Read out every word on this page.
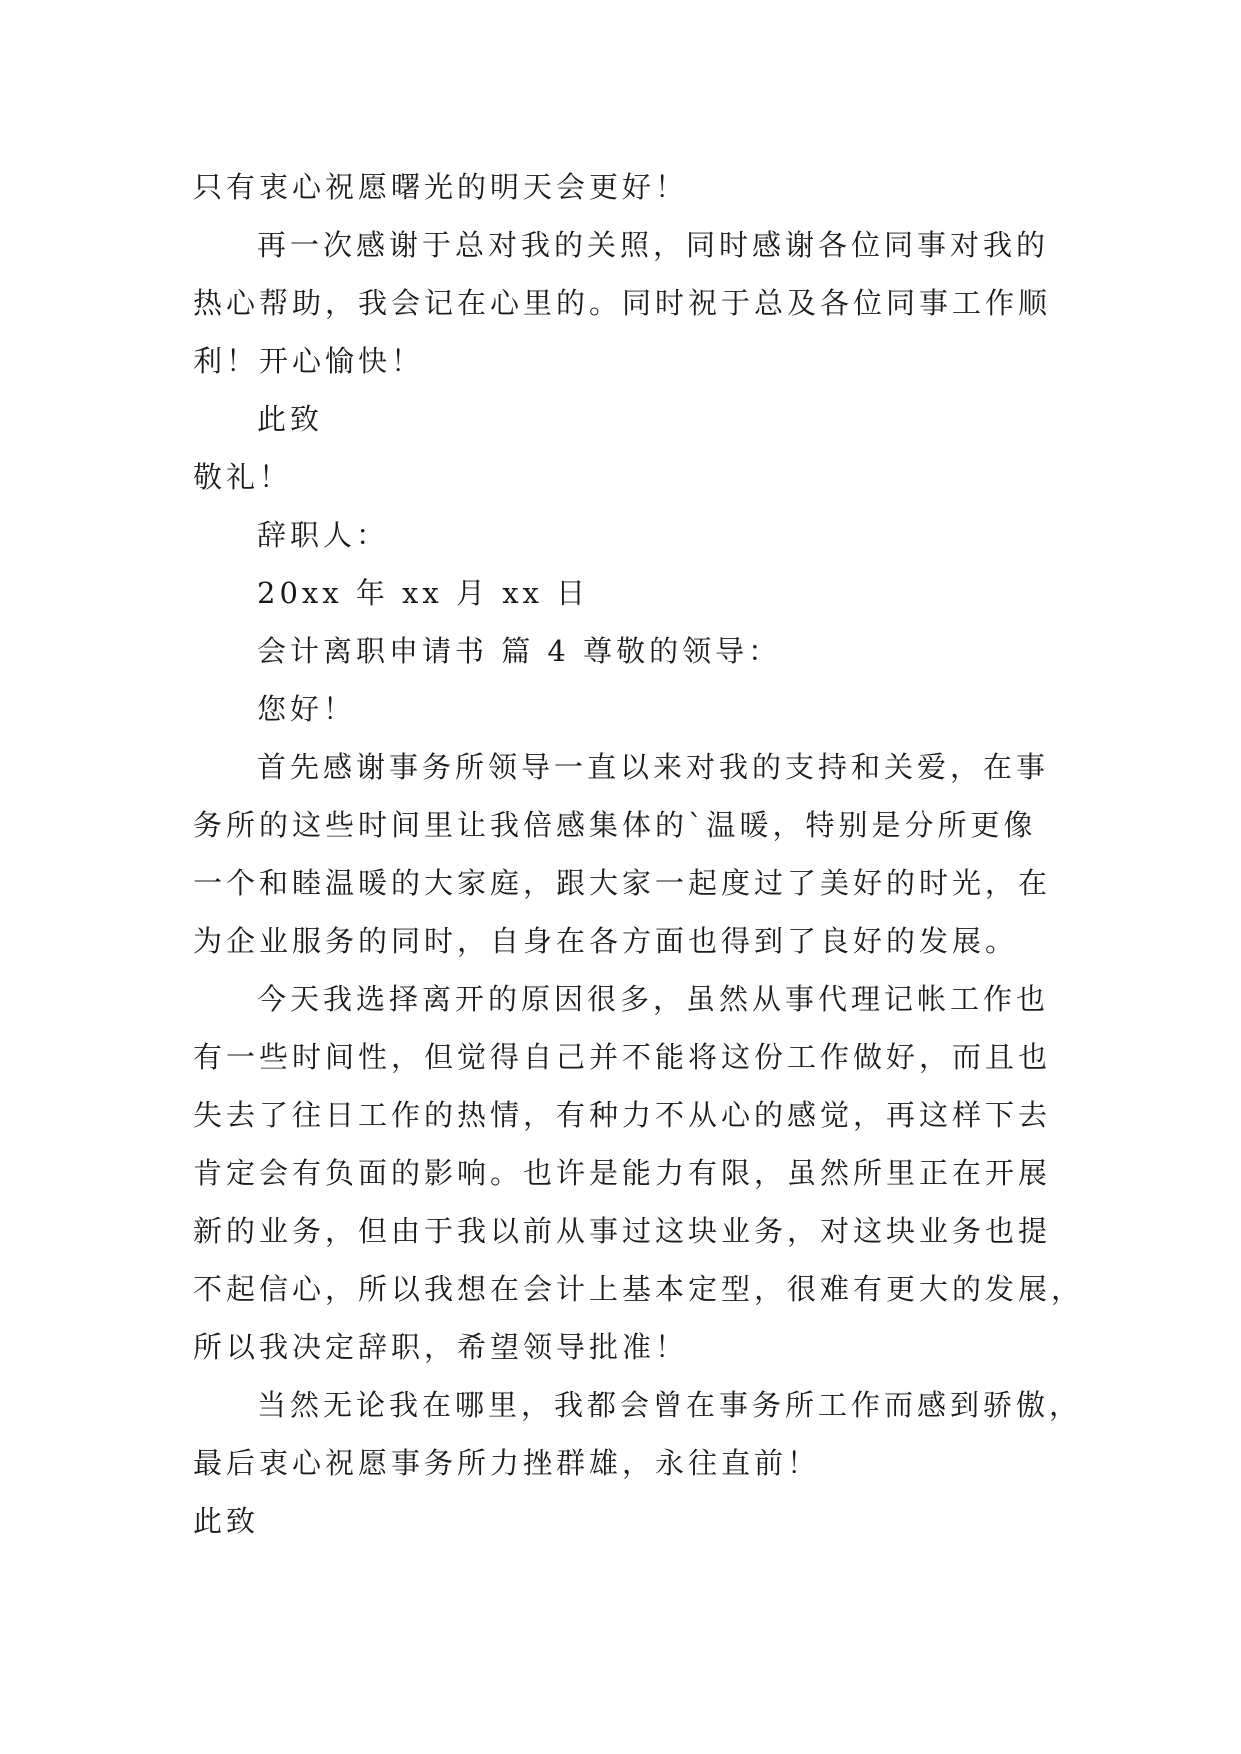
只有衷心祝愿曙光的明天会更好！
再一次感谢于总对我的关照，同时感谢各位同事对我的
热心帮助，我会记在心里的。同时祝于总及各位同事工作顺
利！开心愉快！
此致
敬礼！
辞职人：
20xx 年 xx 月 xx 日
会计离职申请书 篇 4 尊敬的领导：
您好！
首先感谢事务所领导一直以来对我的支持和关爱，在事
务所的这些时间里让我倍感集体的`温暖，特别是分所更像
一个和睦温暖的大家庭，跟大家一起度过了美好的时光，在
为企业服务的同时，自身在各方面也得到了良好的发展。
今天我选择离开的原因很多，虽然从事代理记帐工作也
有一些时间性，但觉得自己并不能将这份工作做好，而且也
失去了往日工作的热情，有种力不从心的感觉，再这样下去
肯定会有负面的影响。也许是能力有限，虽然所里正在开展
新的业务，但由于我以前从事过这块业务，对这块业务也提
不起信心，所以我想在会计上基本定型，很难有更大的发展，
所以我决定辞职，希望领导批准！
当然无论我在哪里，我都会曾在事务所工作而感到骄傲，
最后衷心祝愿事务所力挫群雄，永往直前！
此致
